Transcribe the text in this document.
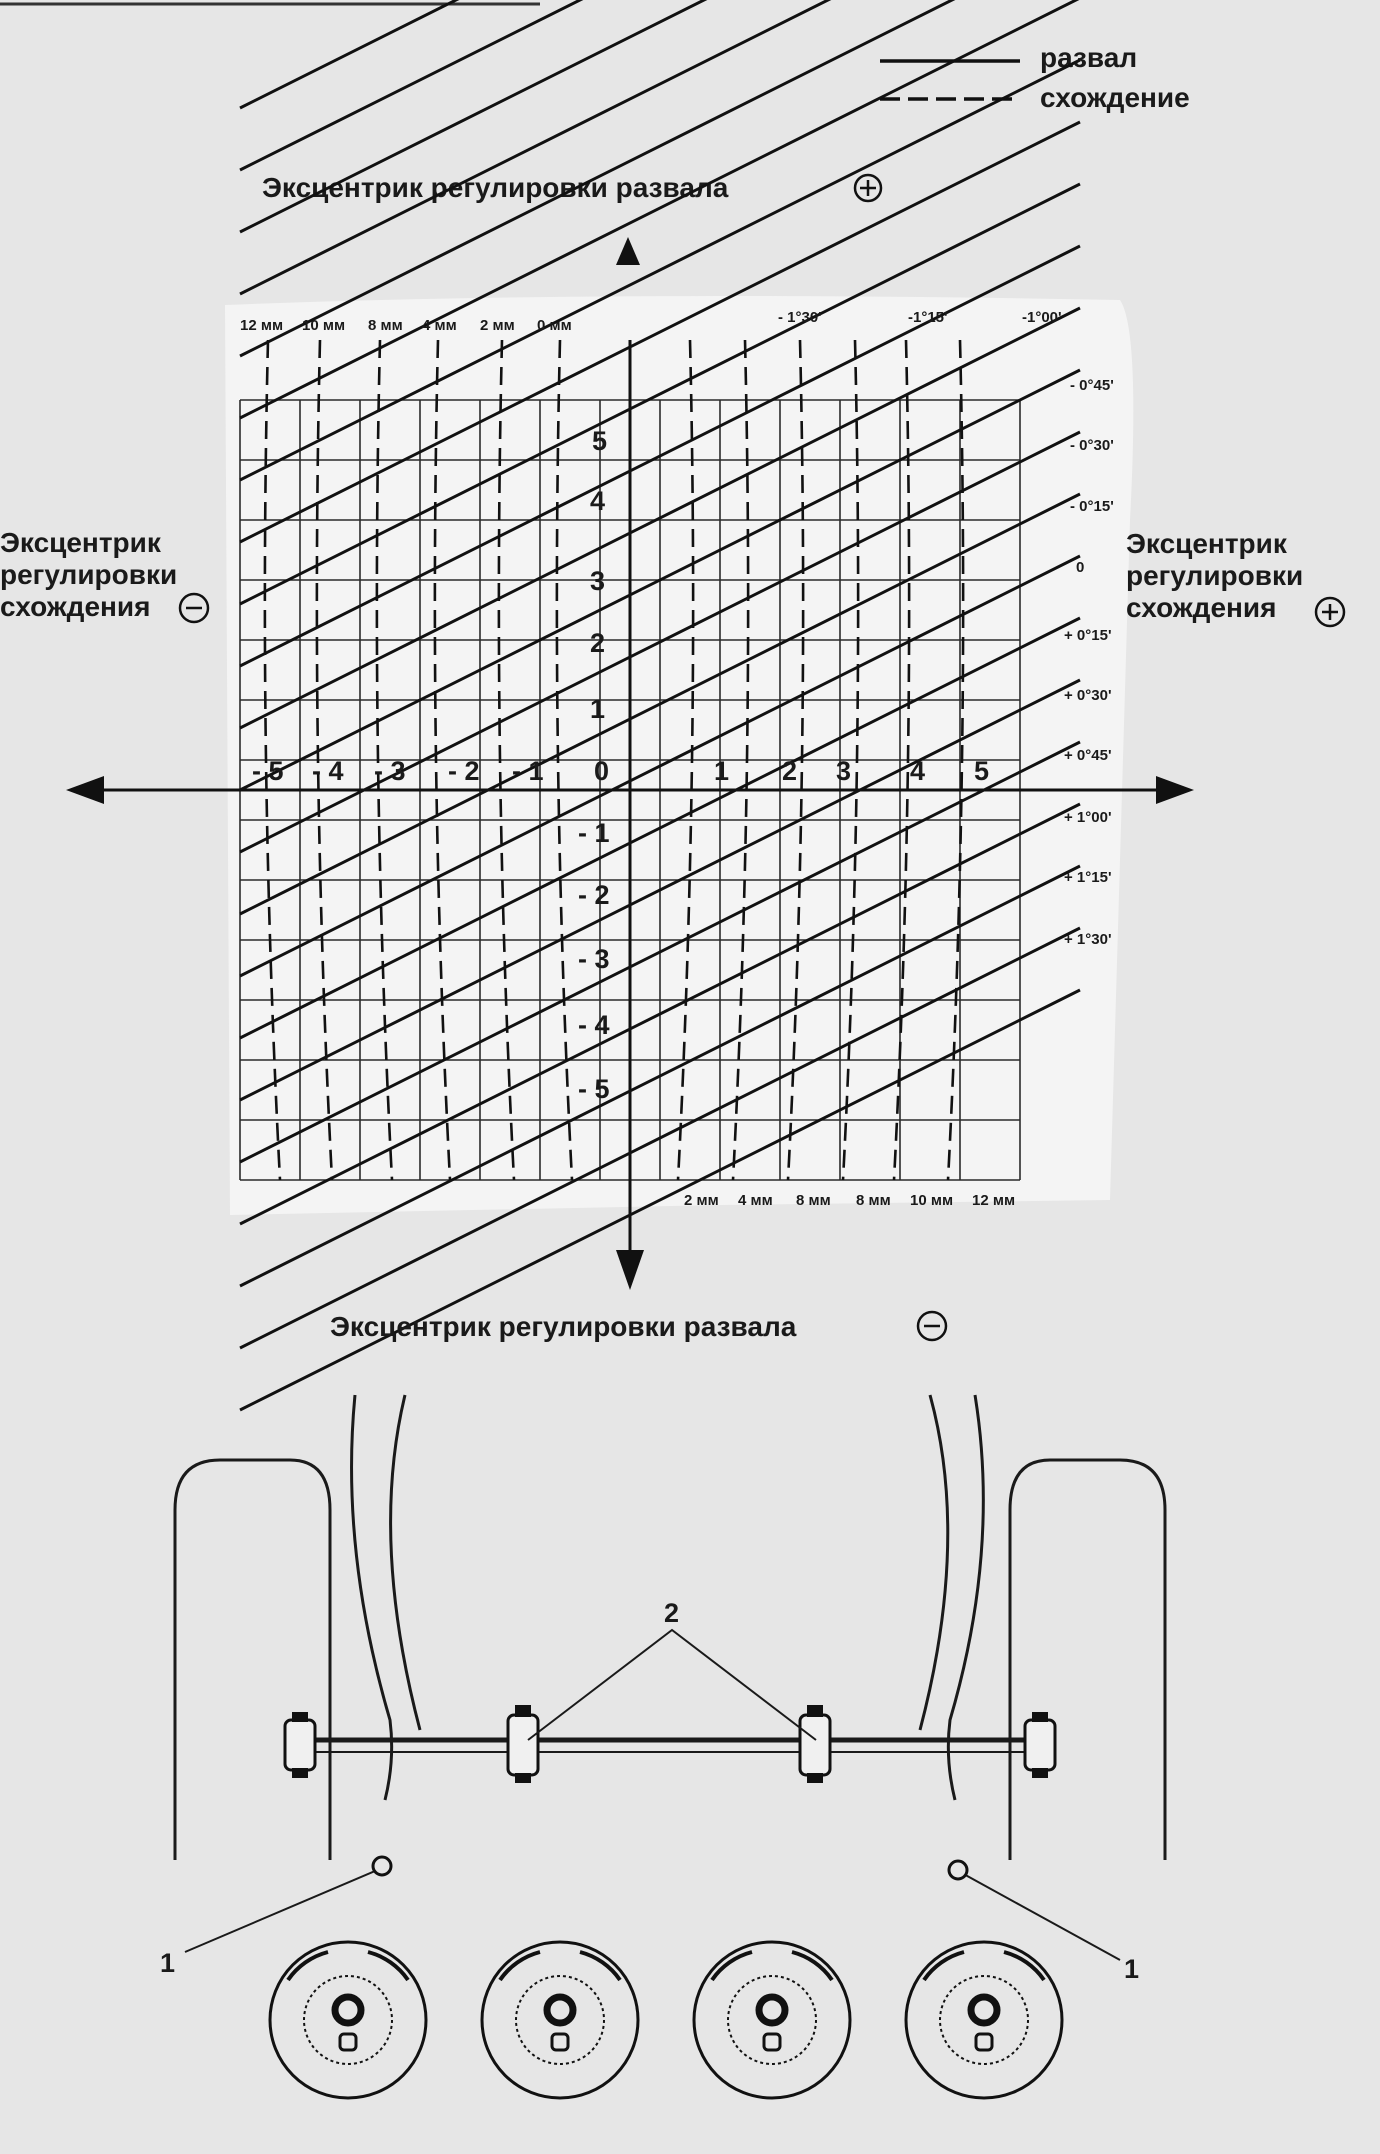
развал
схождение
Эксцентрик регулировки развала
12 мм 10 мм 8 мм 4 мм 2 мм 0 мм	- 1°30'	-1°15'	-1°00'
- 0°45'
- 0°30'
- 0°15'
0
+ 0°15'
+ 0°30'
+ 0°45'
+ 1°00'
+ 1°15'
+ 1°30'
5
4
3
2
1
0
- 1
- 2
- 3
- 4
- 5
- 5 - 4 - 3 - 2 - 1	1 2 3 4 5
2 мм 4 мм 8 мм 8 мм 10 мм 12 мм
Эксцентрик
регулировки
схождения
Эксцентрик
регулировки
схождения
Эксцентрик регулировки развала
2
1	1
